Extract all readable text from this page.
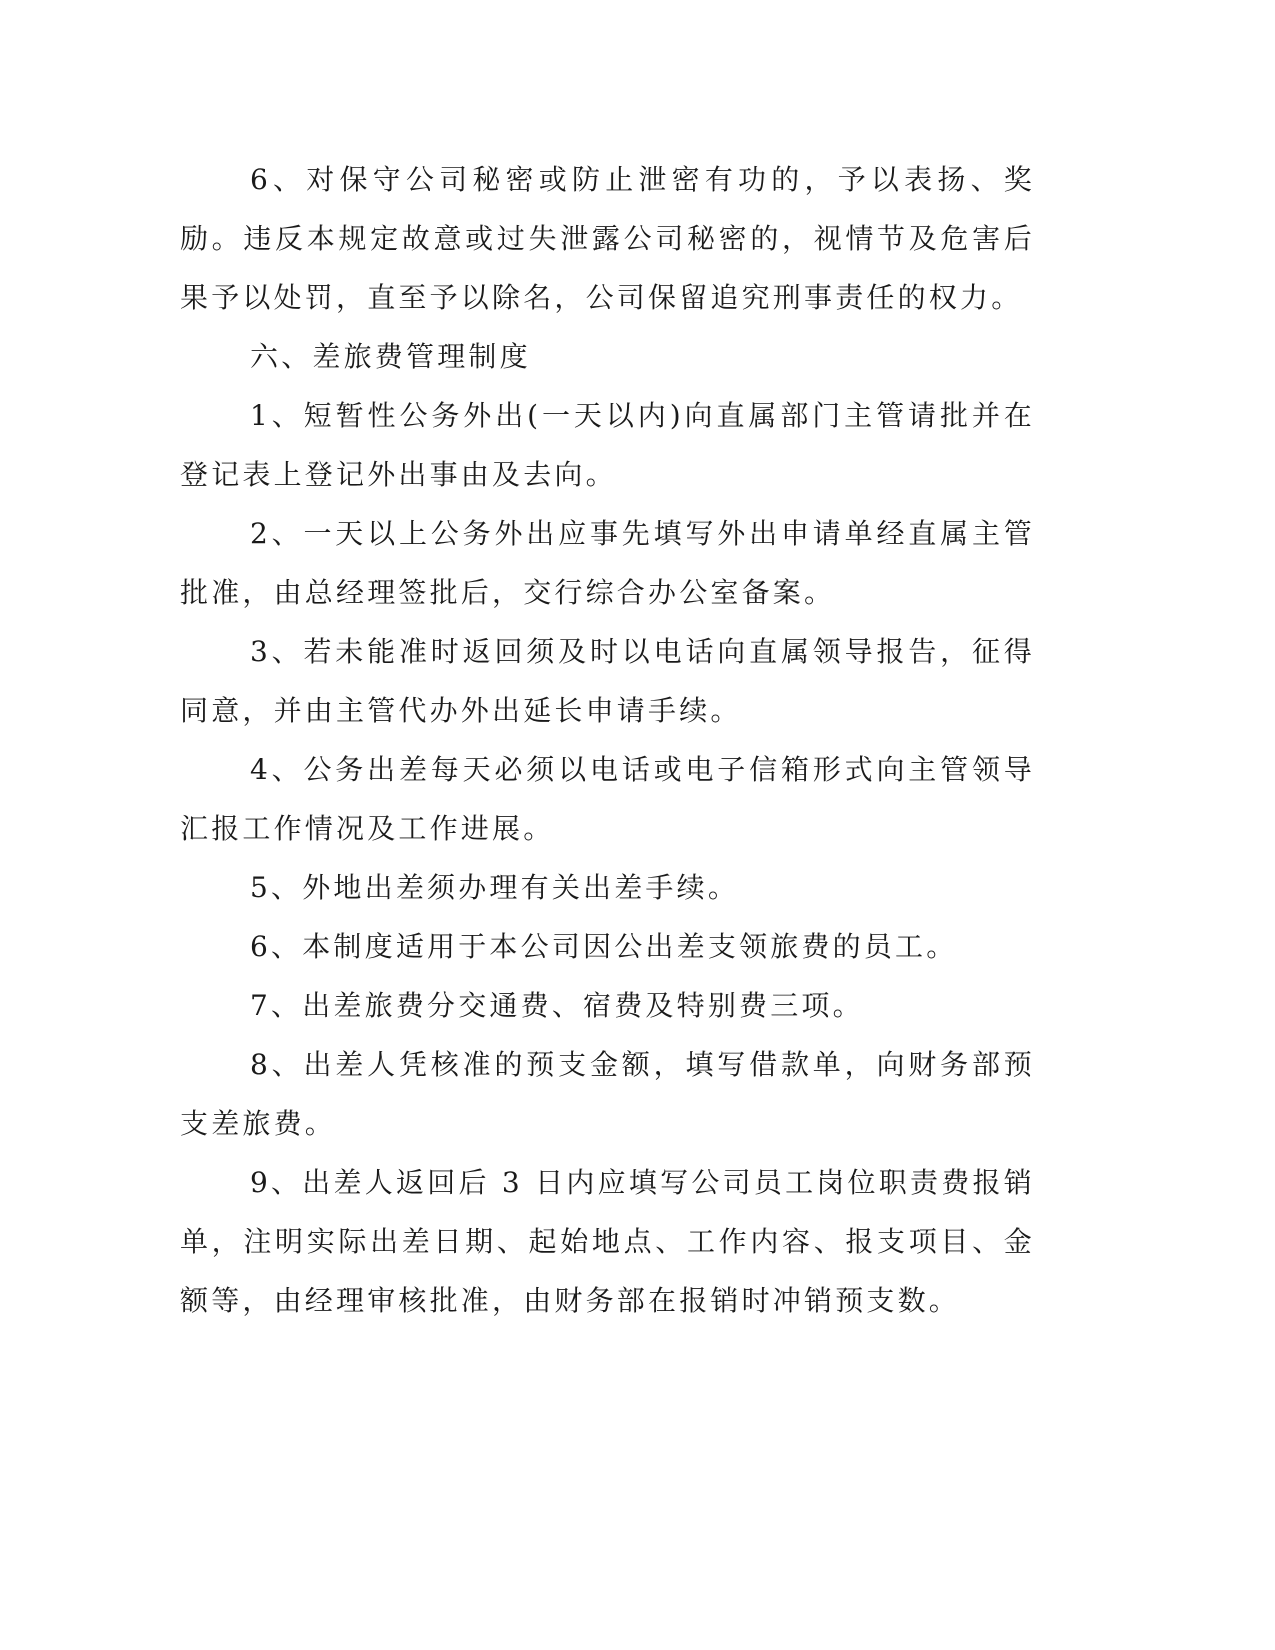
6、对保守公司秘密或防止泄密有功的，予以表扬、奖励。违反本规定故意或过失泄露公司秘密的，视情节及危害后果予以处罚，直至予以除名，公司保留追究刑事责任的权力。

六、差旅费管理制度

1、短暂性公务外出(一天以内)向直属部门主管请批并在登记表上登记外出事由及去向。

2、一天以上公务外出应事先填写外出申请单经直属主管批准，由总经理签批后，交行综合办公室备案。

3、若未能准时返回须及时以电话向直属领导报告，征得同意，并由主管代办外出延长申请手续。

4、公务出差每天必须以电话或电子信箱形式向主管领导汇报工作情况及工作进展。

5、外地出差须办理有关出差手续。

6、本制度适用于本公司因公出差支领旅费的员工。

7、出差旅费分交通费、宿费及特别费三项。

8、出差人凭核准的预支金额，填写借款单，向财务部预支差旅费。

9、出差人返回后 3 日内应填写公司员工岗位职责费报销单，注明实际出差日期、起始地点、工作内容、报支项目、金额等，由经理审核批准，由财务部在报销时冲销预支数。
